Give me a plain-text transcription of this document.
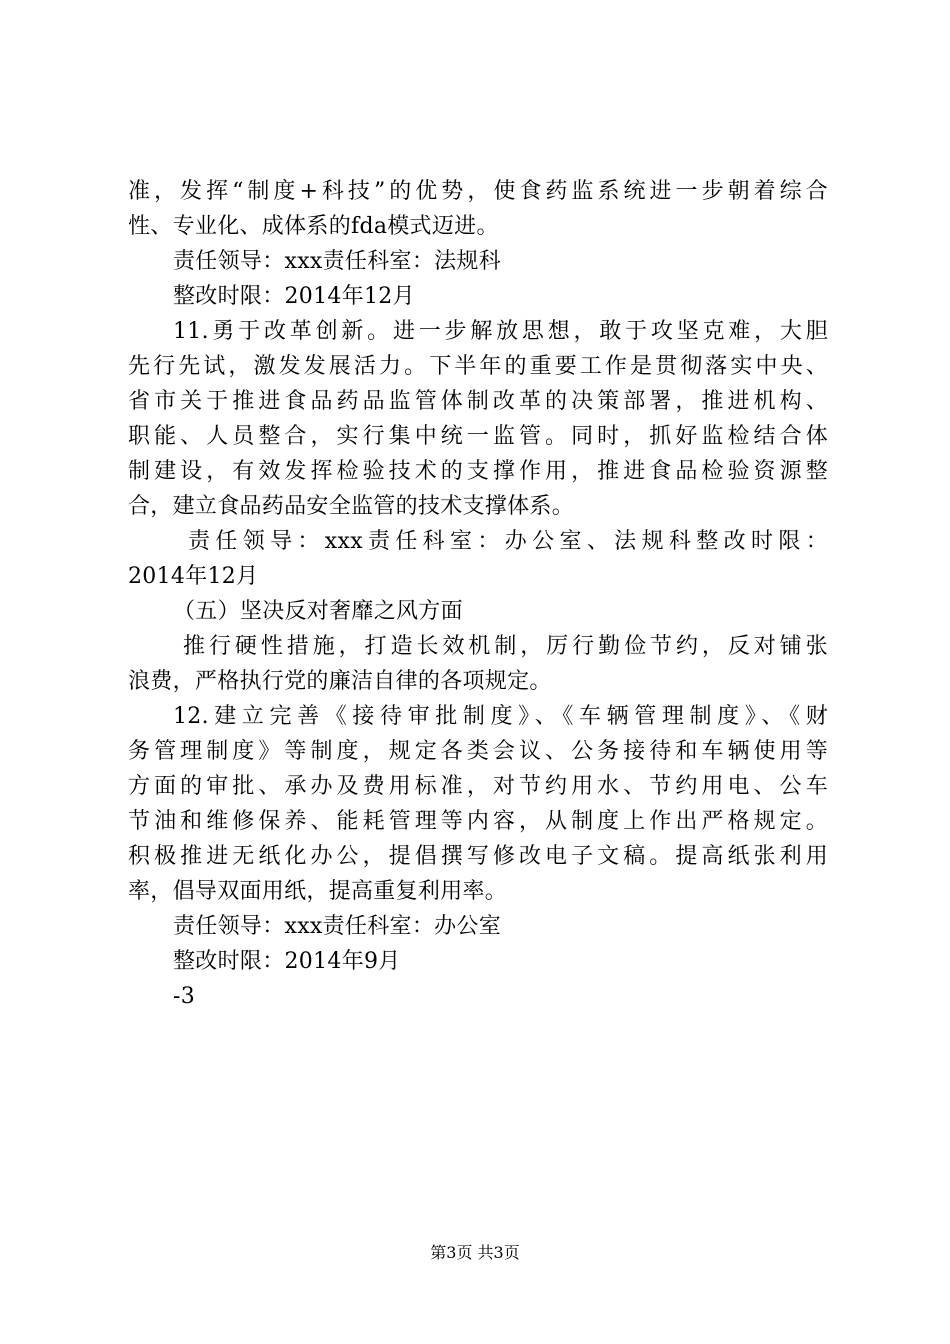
准，发挥“制度+科技”的优势，使食药监系统进一步朝着综合
性、专业化、成体系的fda模式迈进。
责任领导：xxx责任科室：法规科
整改时限：2014年12月
11.勇于改革创新。进一步解放思想，敢于攻坚克难，大胆
先行先试，激发发展活力。下半年的重要工作是贯彻落实中央、
省市关于推进食品药品监管体制改革的决策部署，推进机构、
职能、人员整合，实行集中统一监管。同时，抓好监检结合体
制建设，有效发挥检验技术的支撑作用，推进食品检验资源整
合，建立食品药品安全监管的技术支撑体系。
责任领导：xxx责任科室：办公室、法规科整改时限：
2014年12月
（五）坚决反对奢靡之风方面
推行硬性措施，打造长效机制，厉行勤俭节约，反对铺张
浪费，严格执行党的廉洁自律的各项规定。
12.建立完善《接待审批制度》、《车辆管理制度》、《财
务管理制度》等制度，规定各类会议、公务接待和车辆使用等
方面的审批、承办及费用标准，对节约用水、节约用电、公车
节油和维修保养、能耗管理等内容，从制度上作出严格规定。
积极推进无纸化办公，提倡撰写修改电子文稿。提高纸张利用
率，倡导双面用纸，提高重复利用率。
责任领导：xxx责任科室：办公室
整改时限：2014年9月
-3
第3页 共3页
